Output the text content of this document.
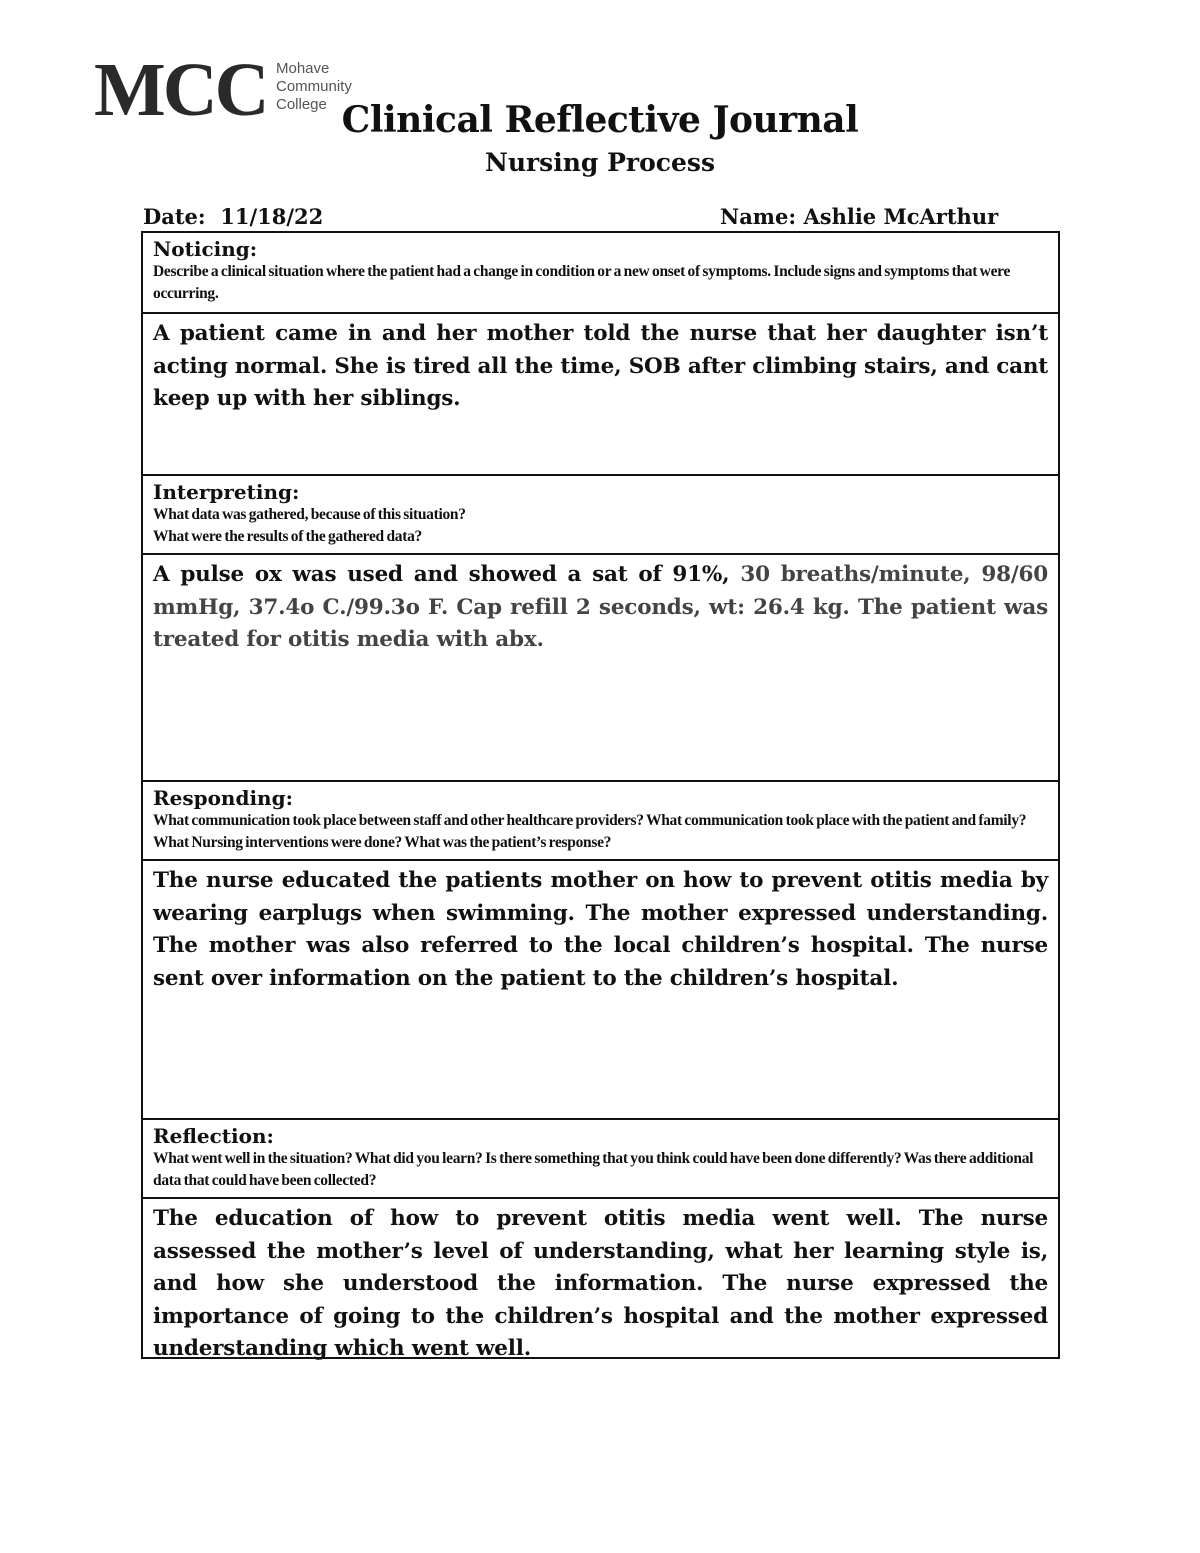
MCC Mohave
Community
College Clinical Reflective Journal
Nursing Process
Date: 11/18/22	Name: Ashlie McArthur
Noticing:
Describe a clinical situation where the patient had a change in condition or a new onset of symptoms. Include signs and symptoms that were occurring.
A patient came in and her mother told the nurse that her daughter isn’t acting normal. She is tired all the time, SOB after climbing stairs, and cant keep up with her siblings.
Interpreting:
What data was gathered, because of this situation?
What were the results of the gathered data?
A pulse ox was used and showed a sat of 91%, 30 breaths/minute, 98/60 mmHg, 37.4o C./99.3o F. Cap refill 2 seconds, wt: 26.4 kg. The patient was treated for otitis media with abx.
Responding:
What communication took place between staff and other healthcare providers? What communication took place with the patient and family? What Nursing interventions were done? What was the patient’s response?
The nurse educated the patients mother on how to prevent otitis media by wearing earplugs when swimming. The mother expressed understanding. The mother was also referred to the local children’s hospital. The nurse sent over information on the patient to the children’s hospital.
Reflection:
What went well in the situation? What did you learn? Is there something that you think could have been done differently? Was there additional data that could have been collected?
The education of how to prevent otitis media went well. The nurse assessed the mother’s level of understanding, what her learning style is, and how she understood the information. The nurse expressed the importance of going to the children’s hospital and the mother expressed understanding which went well.
